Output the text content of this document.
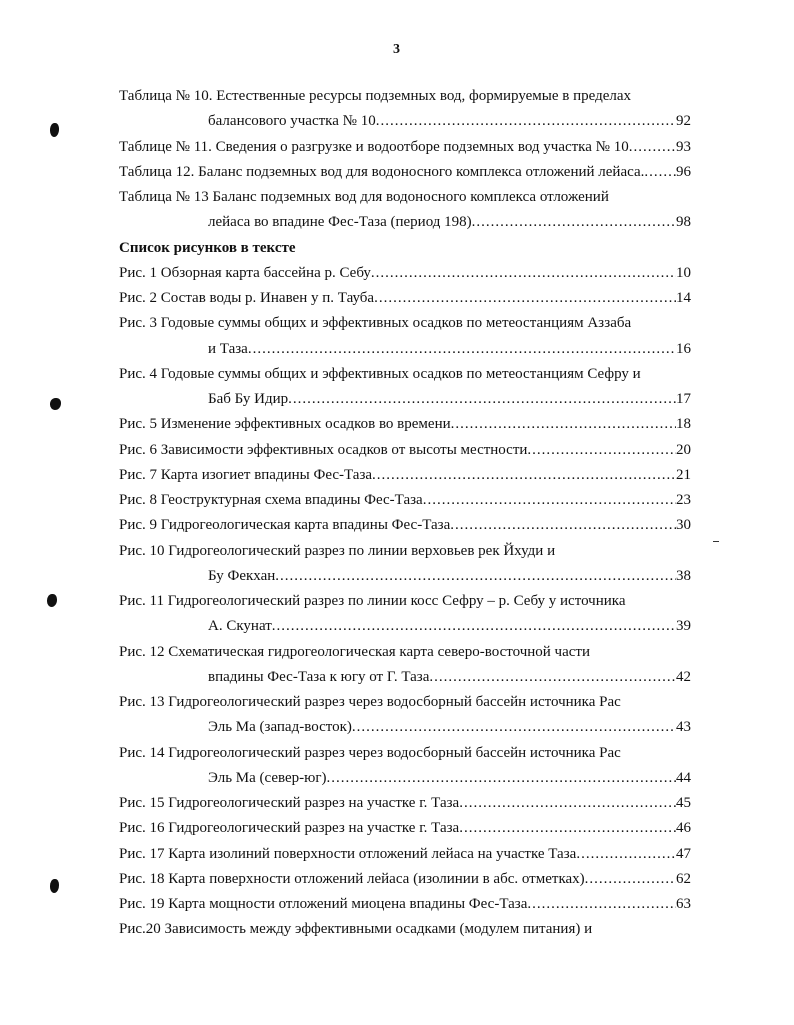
3
Таблица № 10. Естественные ресурсы подземных вод, формируемые в пределах
балансового участка № 10 .....	92
Таблице № 11. Сведения о разгрузке и водоотборе подземных вод участка № 10 .....	93
Таблица 12. Баланс подземных вод для водоносного комплекса отложений лейаса. ..... 96
Таблица № 13 Баланс подземных вод для водоносного комплекса отложений
лейаса во впадине Фес-Таза (период 198) .....	98
Список рисунков в тексте
Рис. 1 Обзорная карта бассейна р. Себу .....	10
Рис. 2 Состав воды р. Инавен у п. Тауба .....	14
Рис. 3 Годовые суммы общих и эффективных осадков по метеостанциям Аззаба
и Таза .....	16
Рис. 4 Годовые суммы общих и эффективных осадков по метеостанциям Сефру и
Баб Бу Идир .....	17
Рис. 5 Изменение эффективных осадков во времени .....	18
Рис. 6 Зависимости эффективных осадков от высоты местности .....	20
Рис. 7 Карта изогиет впадины Фес-Таза .....	21
Рис. 8 Геоструктурная схема впадины Фес-Таза .....	23
Рис. 9 Гидрогеологическая карта впадины Фес-Таза .....	30
Рис. 10 Гидрогеологический разрез по линии верховьев рек Йхуди и
Бу Фекхан .....	38
Рис. 11 Гидрогеологический разрез по линии косс Сефру – р. Себу у источника
А. Скунат .....	39
Рис. 12 Схематическая гидрогеологическая карта северо-восточной части
впадины Фес-Таза к югу от Г. Таза .....	42
Рис. 13 Гидрогеологический разрез через водосборный бассейн источника Рас
Эль Ма (запад-восток) .....	43
Рис. 14 Гидрогеологический разрез через водосборный бассейн источника Рас
Эль Ма (север-юг) .....	44
Рис. 15 Гидрогеологический разрез на участке г. Таза .....	45
Рис. 16 Гидрогеологический разрез на участке г. Таза .....	46
Рис. 17 Карта изолиний поверхности отложений лейаса на участке Таза .....	47
Рис. 18 Карта поверхности отложений лейаса (изолинии в абс. отметках) .....	62
Рис. 19 Карта мощности отложений миоцена впадины Фес-Таза .....	63
Рис.20 Зависимость между эффективными осадками (модулем питания) и
